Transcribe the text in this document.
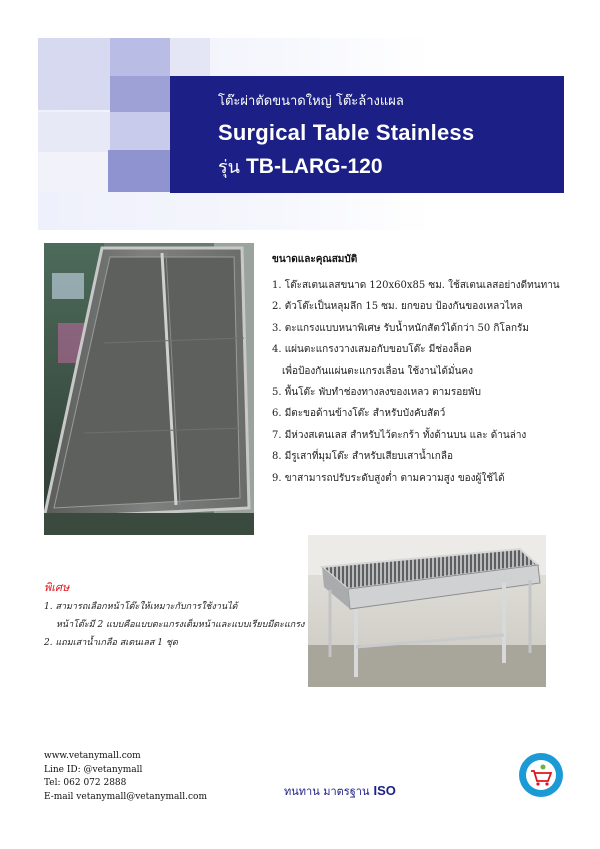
โต๊ะผ่าตัดขนาดใหญ่ โต๊ะล้างแผล
Surgical Table Stainless
รุ่น TB-LARG-120
ขนาดและคุณสมบัติ
1. โต๊ะสเตนเลสขนาด 120x60x85 ซม. ใช้สเตนเลสอย่างดีทนทาน
2. ตัวโต๊ะเป็นหลุมลึก 15 ซม. ยกขอบ ป้องกันของเหลวไหล
3. ตะแกรงแบบหนาพิเศษ รับน้ำหนักสัตว์ได้กว่า 50 กิโลกรัม
4. แผ่นตะแกรงวางเสมอกับขอบโต๊ะ มีช่องล็อค
เพื่อป้องกันแผ่นตะแกรงเลื่อน ใช้งานได้มั่นคง
5. พื้นโต๊ะ พับทำช่องทางลงของเหลว ตามรอยพับ
6. มีตะขอด้านข้างโต๊ะ สำหรับบังคับสัตว์
7. มีห่วงสเตนเลส สำหรับไว้ตะกร้า ทั้งด้านบน และ ด้านล่าง
8. มีรูเสาที่มุมโต๊ะ สำหรับเสียบเสาน้ำเกลือ
9. ขาสามารถปรับระดับสูงต่ำ ตามความสูง ของผู้ใช้ได้
พิเศษ
1. สามารถเลือกหน้าโต๊ะให้เหมาะกับการใช้งานได้
หน้าโต๊ะมี 2 แบบคือแบบตะแกรงเต็มหน้าและแบบเรียบมีตะแกรง
2. แถมเสาน้ำเกลือ สเตนเลส 1 ชุด
www.vetanymall.com
Line ID: @vetanymall
Tel: 062 072 2888
E-mail vetanymall@vetanymall.com	ทนทาน มาตรฐาน ISO
